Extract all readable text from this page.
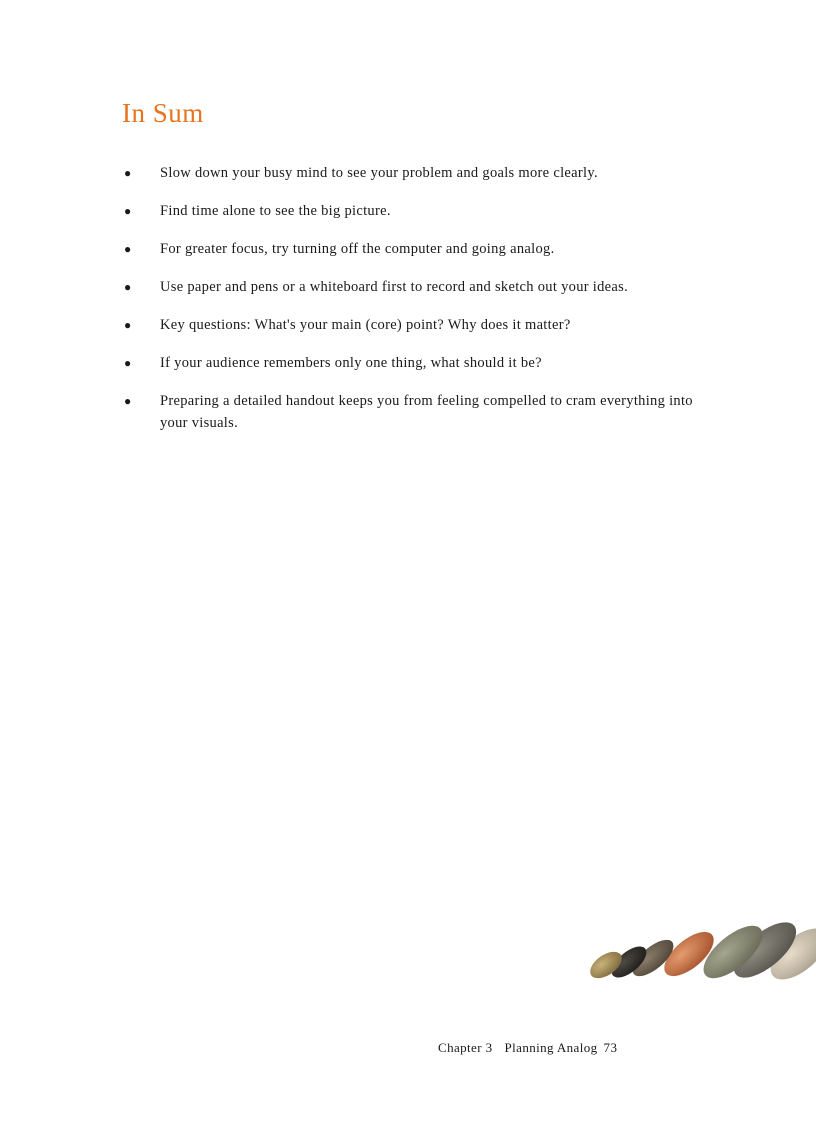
In Sum
● Slow down your busy mind to see your problem and goals more clearly.
● Find time alone to see the big picture.
● For greater focus, try turning off the computer and going analog.
● Use paper and pens or a whiteboard first to record and sketch out your ideas.
● Key questions: What's your main (core) point? Why does it matter?
● If your audience remembers only one thing, what should it be?
● Preparing a detailed handout keeps you from feeling compelled to cram everything into your visuals.
Chapter 3 Planning Analog 73
